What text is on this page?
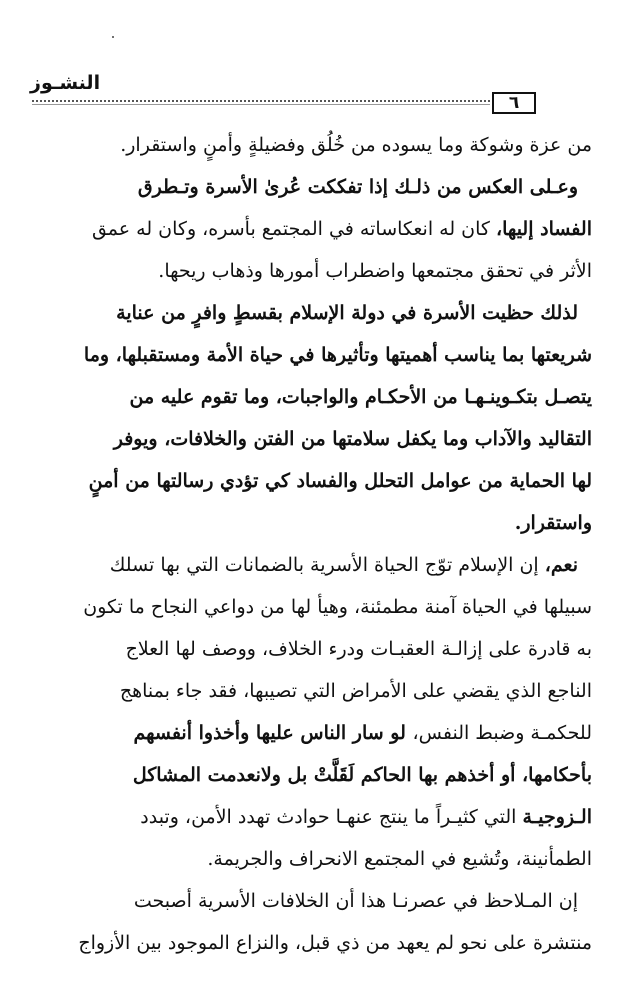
النشـوز
٦
من عزة وشوكة وما يسوده من خُلُق وفضيلةٍ وأمنٍ واستقرار.
وعـلى العكس من ذلـك إذا تفككت عُرىٰ الأسرة وتـطرق
الفساد إليها، كان له انعكاساته في المجتمع بأسره، وكان له عمق
الأثر في تحقق مجتمعها واضطراب أمورها وذهاب ريحها.
لذلك حظيت الأسرة في دولة الإسلام بقسطٍ وافرٍ من عناية
شريعتها بما يناسب أهميتها وتأثيرها في حياة الأمة ومستقبلها، وما
يتصـل بتكـوينـهـا من الأحكـام والواجبات، وما تقوم عليه من
التقاليد والآداب وما يكفل سلامتها من الفتن والخلافات، ويوفر
لها الحماية من عوامل التحلل والفساد كي تؤدي رسالتها من أمنٍ
واستقرار.
نعم، إن الإسلام توّج الحياة الأسرية بالضمانات التي بها تسلك
سبيلها في الحياة آمنة مطمئنة، وهيأ لها من دواعي النجاح ما تكون
به قادرة على إزالـة العقبـات ودرء الخلاف، ووصف لها العلاج
الناجع الذي يقضي على الأمراض التي تصيبها، فقد جاء بمناهج
للحكمـة وضبط النفس، لو سار الناس عليها وأخذوا أنفسهم
بأحكامها، أو أخذهم بها الحاكم لَقَلَّتْ بل ولانعدمت المشاكل
الـزوجيـة التي كثيـراً ما ينتج عنهـا حوادث تهدد الأمن، وتبدد
الطمأنينة، وتُشيع في المجتمع الانحراف والجريمة.
إن المـلاحظ في عصرنـا هذا أن الخلافات الأسرية أصبحت
منتشرة على نحو لم يعهد من ذي قبل، والنزاع الموجود بين الأزواج
